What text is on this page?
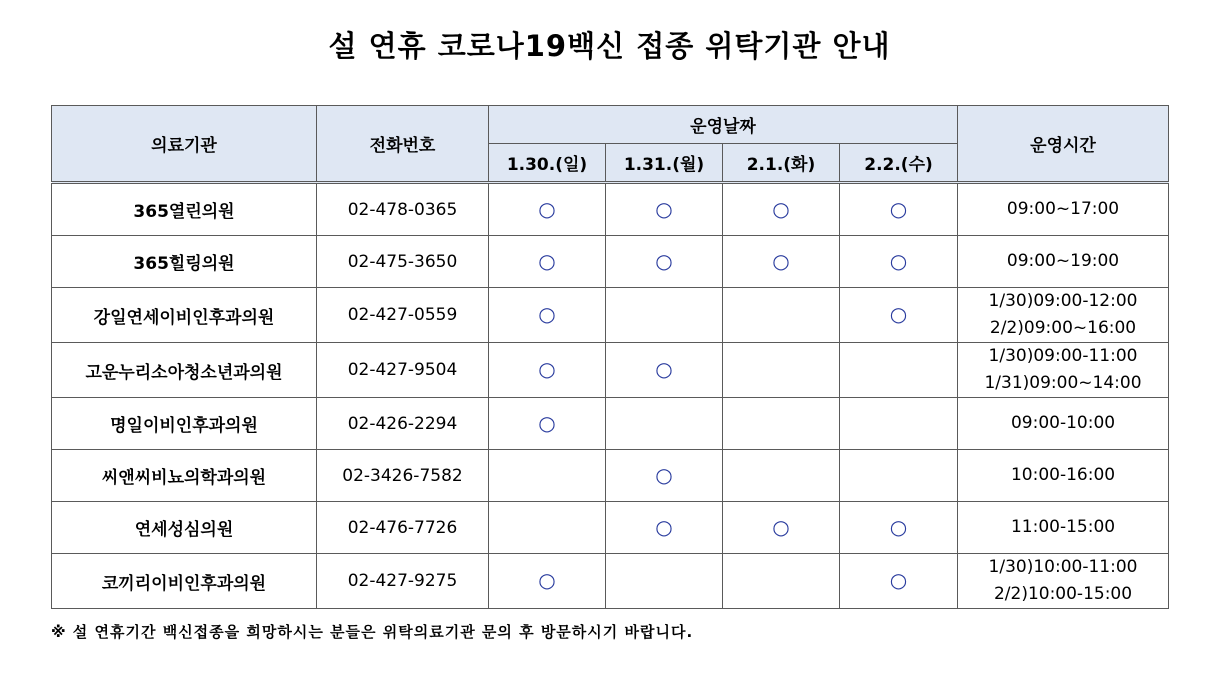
설 연휴 코로나19백신 접종 위탁기관 안내
의료기관	전화번호	운영날짜				운영시간
		1.30.(일)	1.31.(월)	2.1.(화)	2.2.(수)	
365열린의원	02-478-0365	○	○	○	○	09:00~17:00

365힐링의원	02-475-3650	○	○	○	○	09:00~19:00

강일연세이비인후과의원	02-427-0559	○			○	1/30)09:00-12:00
2/2)09:00~16:00

고운누리소아청소년과의원	02-427-9504	○	○			1/30)09:00-11:00
1/31)09:00~14:00

명일이비인후과의원	02-426-2294	○				09:00-10:00

씨앤씨비뇨의학과의원	02-3426-7582		○			10:00-16:00

연세성심의원	02-476-7726		○	○	○	11:00-15:00

코끼리이비인후과의원	02-427-9275	○			○	1/30)10:00-11:00
2/2)10:00-15:00

※ 설 연휴기간 백신접종을 희망하시는 분들은 위탁의료기관 문의 후 방문하시기 바랍니다.
